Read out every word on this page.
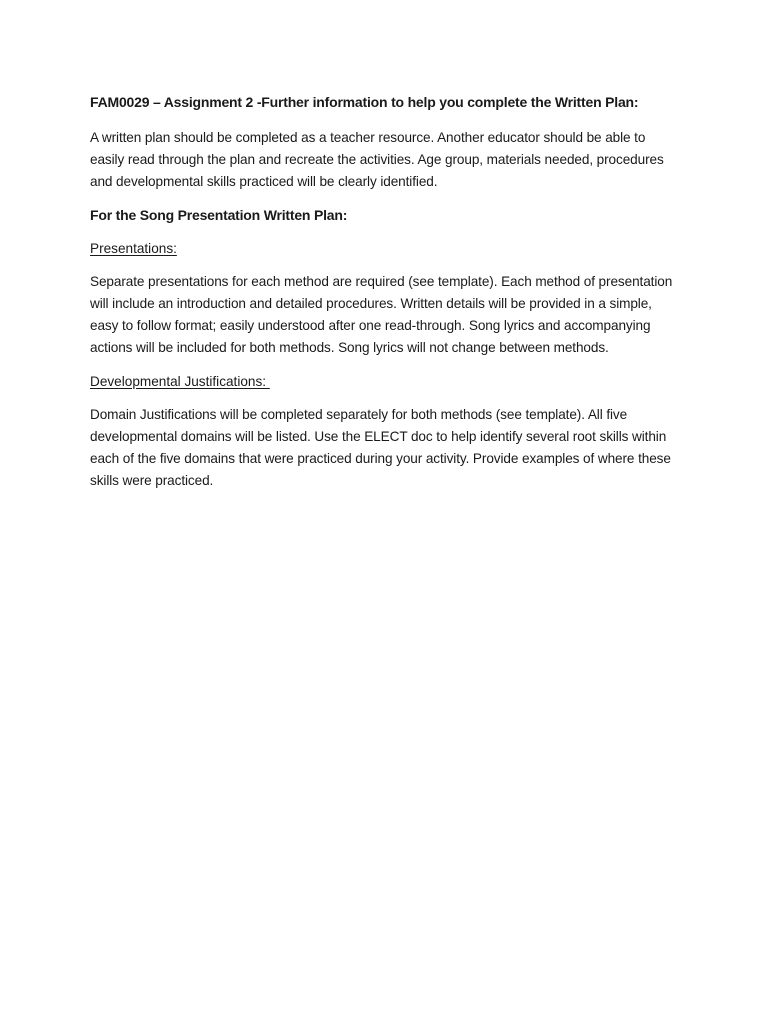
FAM0029 – Assignment 2 -Further information to help you complete the Written Plan:

A written plan should be completed as a teacher resource. Another educator should be able to easily read through the plan and recreate the activities. Age group, materials needed, procedures and developmental skills practiced will be clearly identified.

For the Song Presentation Written Plan:

Presentations:

Separate presentations for each method are required (see template). Each method of presentation will include an introduction and detailed procedures. Written details will be provided in a simple, easy to follow format; easily understood after one read-through. Song lyrics and accompanying actions will be included for both methods. Song lyrics will not change between methods.

Developmental Justifications:

Domain Justifications will be completed separately for both methods (see template). All five developmental domains will be listed. Use the ELECT doc to help identify several root skills within each of the five domains that were practiced during your activity. Provide examples of where these skills were practiced.
